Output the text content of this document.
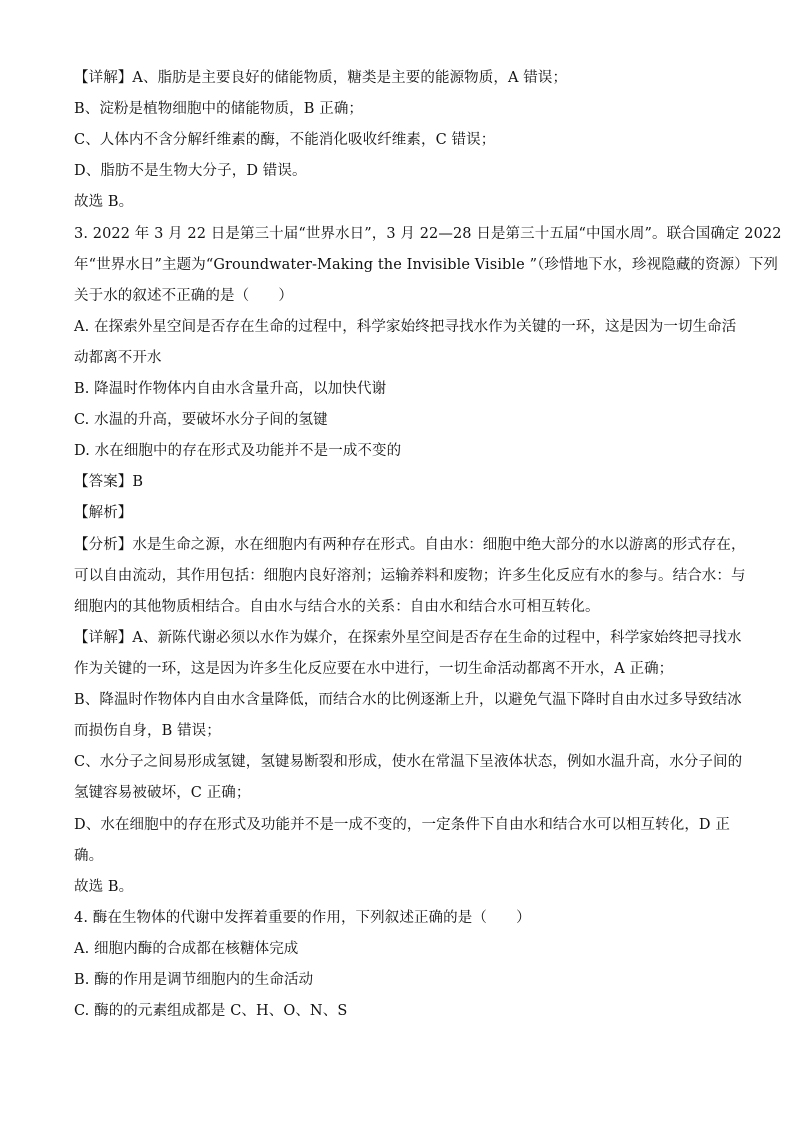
【详解】A、脂肪是主要良好的储能物质，糖类是主要的能源物质，A 错误；
B、淀粉是植物细胞中的储能物质，B 正确；
C、人体内不含分解纤维素的酶，不能消化吸收纤维素，C 错误；
D、脂肪不是生物大分子，D 错误。
故选 B。
3. 2022 年 3 月 22 日是第三十届“世界水日”，3 月 22—28 日是第三十五届“中国水周”。联合国确定 2022
年“世界水日”主题为“Groundwater-Making the Invisible Visible ”（珍惜地下水，珍视隐藏的资源）下列
关于水的叙述不正确的是（　　）
A. 在探索外星空间是否存在生命的过程中，科学家始终把寻找水作为关键的一环，这是因为一切生命活
动都离不开水
B. 降温时作物体内自由水含量升高，以加快代谢
C. 水温的升高，要破坏水分子间的氢键
D. 水在细胞中的存在形式及功能并不是一成不变的
【答案】B
【解析】
【分析】水是生命之源，水在细胞内有两种存在形式。自由水：细胞中绝大部分的水以游离的形式存在，
可以自由流动，其作用包括：细胞内良好溶剂；运输养料和废物；许多生化反应有水的参与。结合水：与
细胞内的其他物质相结合。自由水与结合水的关系：自由水和结合水可相互转化。
【详解】A、新陈代谢必须以水作为媒介，在探索外星空间是否存在生命的过程中，科学家始终把寻找水
作为关键的一环，这是因为许多生化反应要在水中进行，一切生命活动都离不开水，A 正确；
B、降温时作物体内自由水含量降低，而结合水的比例逐渐上升，以避免气温下降时自由水过多导致结冰
而损伤自身，B 错误；
C、水分子之间易形成氢键，氢键易断裂和形成，使水在常温下呈液体状态，例如水温升高，水分子间的
氢键容易被破坏，C 正确；
D、水在细胞中的存在形式及功能并不是一成不变的，一定条件下自由水和结合水可以相互转化，D 正
确。
故选 B。
4. 酶在生物体的代谢中发挥着重要的作用，下列叙述正确的是（　　）
A. 细胞内酶的合成都在核糖体完成
B. 酶的作用是调节细胞内的生命活动
C. 酶的的元素组成都是 C、H、O、N、S
